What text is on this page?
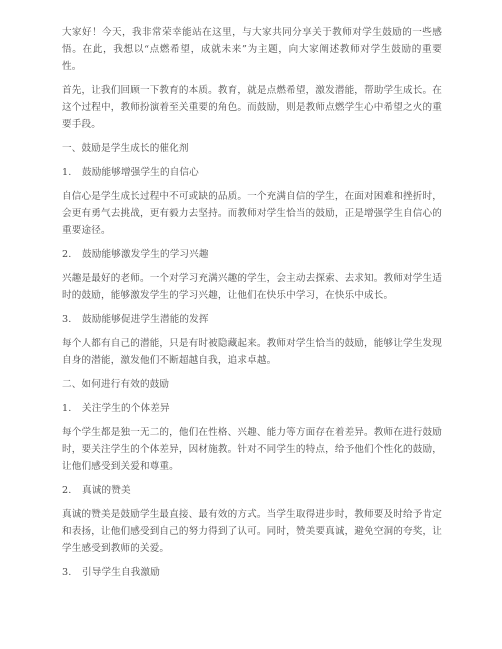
大家好！今天，我非常荣幸能站在这里，与大家共同分享关于教师对学生鼓励的一些感悟。在此，我想以“点燃希望，成就未来”为主题，向大家阐述教师对学生鼓励的重要性。

首先，让我们回顾一下教育的本质。教育，就是点燃希望，激发潜能，帮助学生成长。在这个过程中，教师扮演着至关重要的角色。而鼓励，则是教师点燃学生心中希望之火的重要手段。

一、鼓励是学生成长的催化剂

1. 鼓励能够增强学生的自信心

自信心是学生成长过程中不可或缺的品质。一个充满自信的学生，在面对困难和挫折时，会更有勇气去挑战，更有毅力去坚持。而教师对学生恰当的鼓励，正是增强学生自信心的重要途径。

2. 鼓励能够激发学生的学习兴趣

兴趣是最好的老师。一个对学习充满兴趣的学生，会主动去探索、去求知。教师对学生适时的鼓励，能够激发学生的学习兴趣，让他们在快乐中学习，在快乐中成长。

3. 鼓励能够促进学生潜能的发挥

每个人都有自己的潜能，只是有时被隐藏起来。教师对学生恰当的鼓励，能够让学生发现自身的潜能，激发他们不断超越自我，追求卓越。

二、如何进行有效的鼓励

1. 关注学生的个体差异

每个学生都是独一无二的，他们在性格、兴趣、能力等方面存在着差异。教师在进行鼓励时，要关注学生的个体差异，因材施教。针对不同学生的特点，给予他们个性化的鼓励，让他们感受到关爱和尊重。

2. 真诚的赞美

真诚的赞美是鼓励学生最直接、最有效的方式。当学生取得进步时，教师要及时给予肯定和表扬，让他们感受到自己的努力得到了认可。同时，赞美要真诚，避免空洞的夸奖，让学生感受到教师的关爱。

3. 引导学生自我激励
